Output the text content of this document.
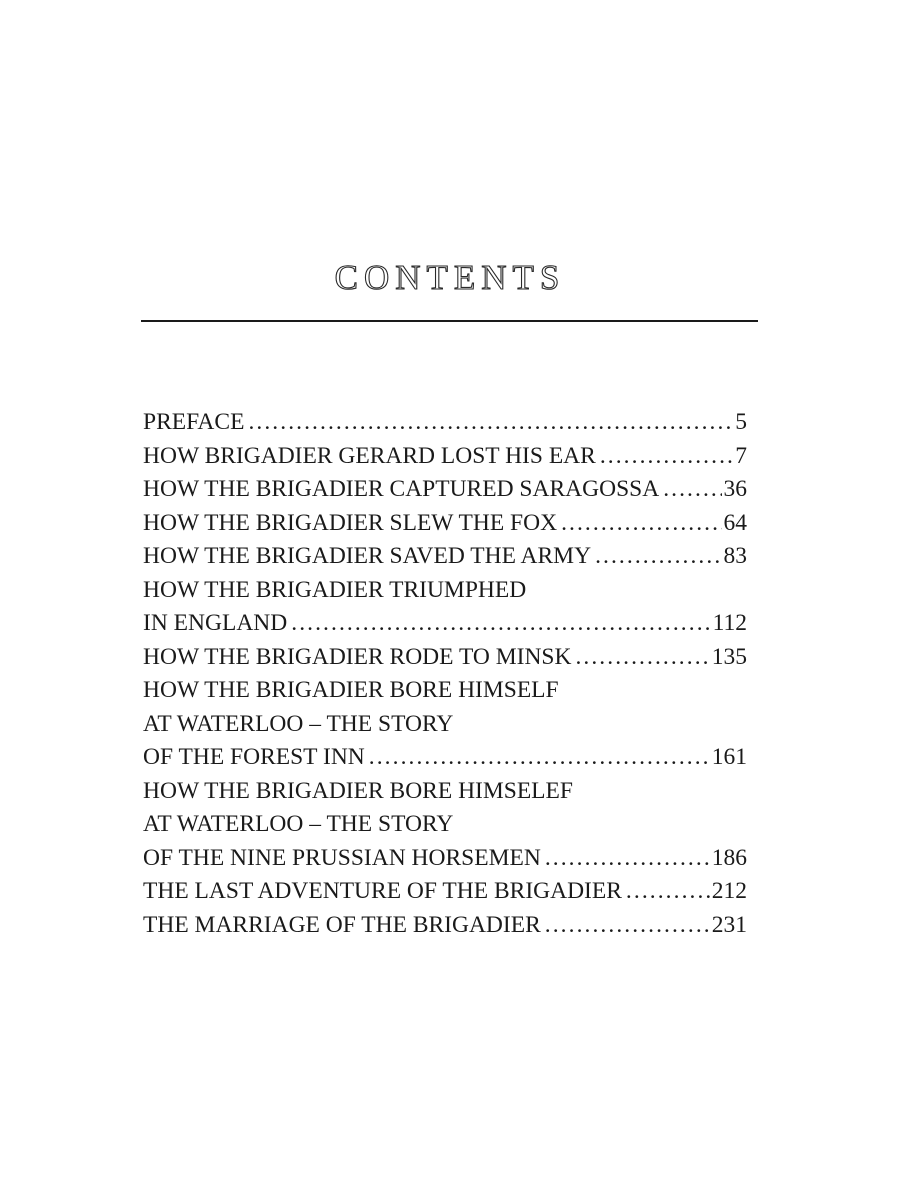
CONTENTS
PREFACE . . .	5
HOW BRIGADIER GERARD LOST HIS EAR . . .	7
HOW THE BRIGADIER CAPTURED SARAGOSSA . . .	36
HOW THE BRIGADIER SLEW THE FOX . . .	64
HOW THE BRIGADIER SAVED THE ARMY . . .	83
HOW THE BRIGADIER TRIUMPHED
IN ENGLAND . . .	112
HOW THE BRIGADIER RODE TO MINSK . . .	135
HOW THE BRIGADIER BORE HIMSELF
AT WATERLOO – THE STORY
OF THE FOREST INN . . .	161
HOW THE BRIGADIER BORE HIMSELEF
AT WATERLOO – THE STORY
OF THE NINE PRUSSIAN HORSEMEN . . .	186
THE LAST ADVENTURE OF THE BRIGADIER . . .	212
THE MARRIAGE OF THE BRIGADIER . . .	231
